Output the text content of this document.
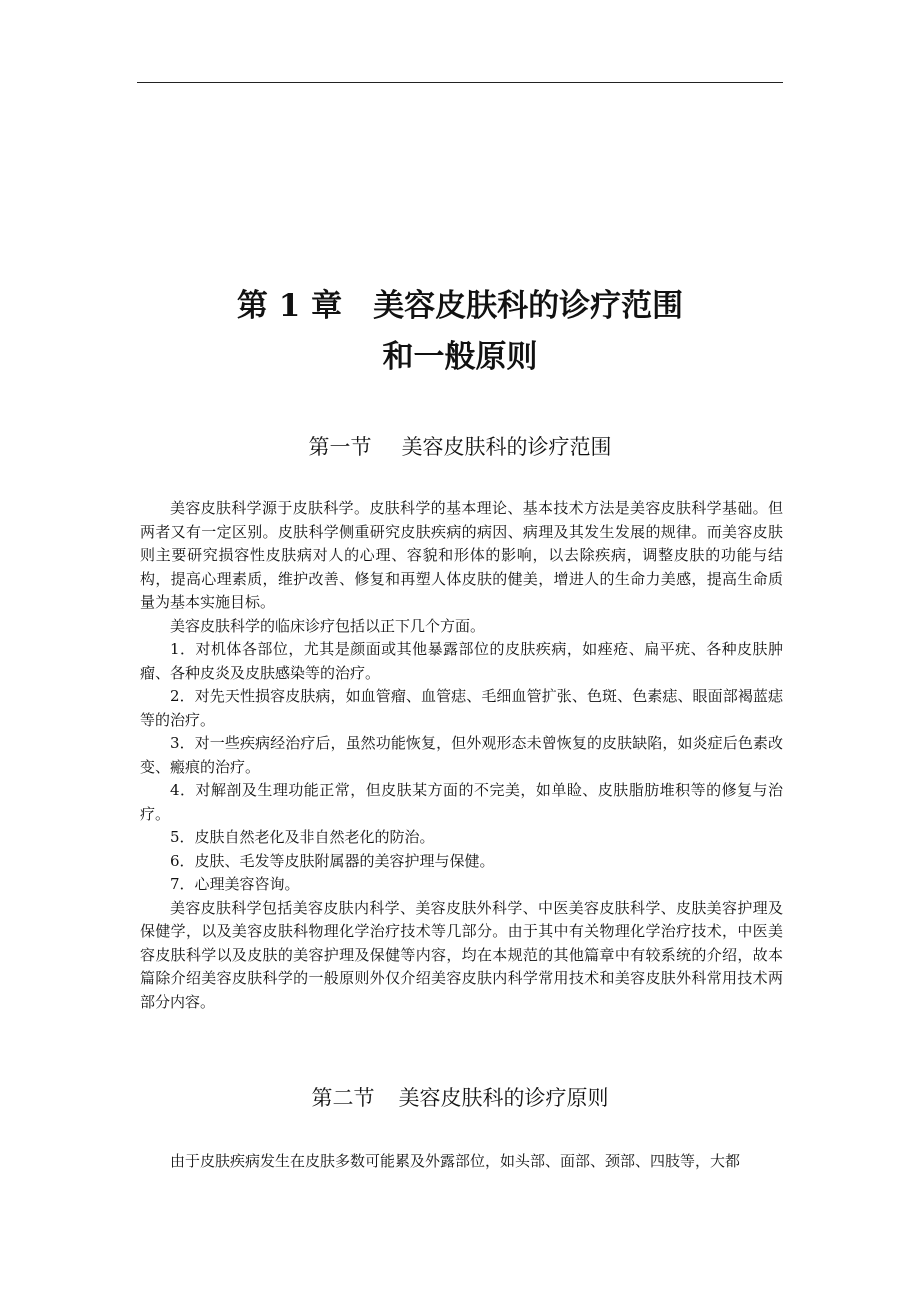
第 1 章　美容皮肤科的诊疗范围
和一般原则
第一节 美容皮肤科的诊疗范围

美容皮肤科学源于皮肤科学。皮肤科学的基本理论、基本技术方法是美容皮肤科学基础。但两者又有一定区别。皮肤科学侧重研究皮肤疾病的病因、病理及其发生发展的规律。而美容皮肤则主要研究损容性皮肤病对人的心理、容貌和形体的影响，以去除疾病，调整皮肤的功能与结构，提高心理素质，维护改善、修复和再塑人体皮肤的健美，增进人的生命力美感，提高生命质量为基本实施目标。

美容皮肤科学的临床诊疗包括以正下几个方面。

1．对机体各部位，尤其是颜面或其他暴露部位的皮肤疾病，如痤疮、扁平疣、各种皮肤肿瘤、各种皮炎及皮肤感染等的治疗。

2．对先天性损容皮肤病，如血管瘤、血管痣、毛细血管扩张、色斑、色素痣、眼面部褐蓝痣等的治疗。

3．对一些疾病经治疗后，虽然功能恢复，但外观形态未曾恢复的皮肤缺陷，如炎症后色素改变、瘢痕的治疗。

4．对解剖及生理功能正常，但皮肤某方面的不完美，如单睑、皮肤脂肪堆积等的修复与治疗。

5．皮肤自然老化及非自然老化的防治。

6．皮肤、毛发等皮肤附属器的美容护理与保健。

7．心理美容咨询。

美容皮肤科学包括美容皮肤内科学、美容皮肤外科学、中医美容皮肤科学、皮肤美容护理及保健学，以及美容皮肤科物理化学治疗技术等几部分。由于其中有关物理化学治疗技术，中医美容皮肤科学以及皮肤的美容护理及保健等内容，均在本规范的其他篇章中有较系统的介绍，故本篇除介绍美容皮肤科学的一般原则外仅介绍美容皮肤内科学常用技术和美容皮肤外科常用技术两部分内容。

第二节 美容皮肤科的诊疗原则

由于皮肤疾病发生在皮肤多数可能累及外露部位，如头部、面部、颈部、四肢等，大都
